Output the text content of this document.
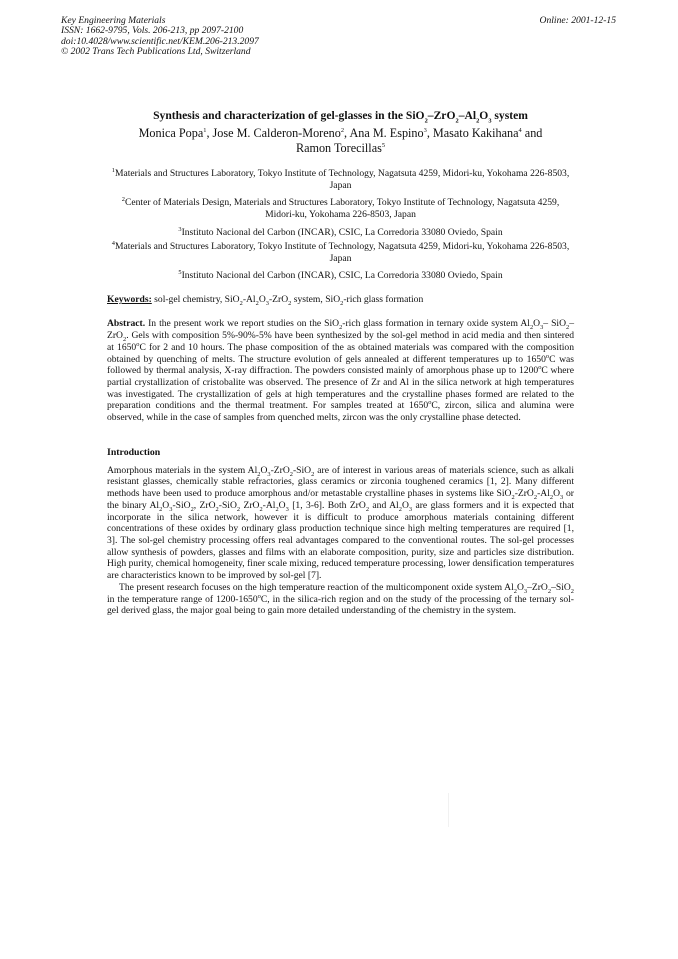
Key Engineering Materials
ISSN: 1662-9795, Vols. 206-213, pp 2097-2100
doi:10.4028/www.scientific.net/KEM.206-213.2097
© 2002 Trans Tech Publications Ltd, Switzerland
Online: 2001-12-15

Synthesis and characterization of gel-glasses in the $SiO_2-ZrO_2-Al_2O_3$ system

Monica Popa$^1$, Jose M. Calderon-Moreno$^2$, Ana M. Espino$^3$, Masato Kakihana$^4$ and
Ramon Torecillas$^5$

$^1$Materials and Structures Laboratory, Tokyo Institute of Technology, Nagatsuta 4259, Midori-ku, Yokohama 226-8503, Japan

$^2$Center of Materials Design, Materials and Structures Laboratory, Tokyo Institute of Technology, Nagatsuta 4259, Midori-ku, Yokohama 226-8503, Japan

$^3$Instituto Nacional del Carbon (INCAR), CSIC, La Corredoria 33080 Oviedo, Spain

$^4$Materials and Structures Laboratory, Tokyo Institute of Technology, Nagatsuta 4259, Midori-ku, Yokohama 226-8503, Japan

$^5$Instituto Nacional del Carbon (INCAR), CSIC, La Corredoria 33080 Oviedo, Spain

Keywords: sol-gel chemistry, $SiO_2-Al_2O_3-ZrO_2$ system, SiO$_2$-rich glass formation

Abstract. In the present work we report studies on the SiO$_2$-rich glass formation in ternary oxide system $Al_2O_3-$ SiO$_2$–ZrO$_2$. Gels with composition 5%-90%-5% have been synthesized by the sol-gel method in acid media and then sintered at 1650$^o$C for 2 and 10 hours. The phase composition of the as obtained materials was compared with the composition obtained by quenching of melts. The structure evolution of gels annealed at different temperatures up to 1650$^o$C was followed by thermal analysis, X-ray diffraction. The powders consisted mainly of amorphous phase up to 1200$^o$C where partial crystallization of cristobalite was observed. The presence of Zr and Al in the silica network at high temperatures was investigated. The crystallization of gels at high temperatures and the crystalline phases formed are related to the preparation conditions and the thermal treatment. For samples treated at 1650$^o$C, zircon, silica and alumina were observed, while in the case of samples from quenched melts, zircon was the only crystalline phase detected.

Introduction

Amorphous materials in the system $Al_2O_3-ZrO_2-SiO_2$ are of interest in various areas of materials science, such as alkali resistant glasses, chemically stable refractories, glass ceramics or zirconia toughened ceramics [1, 2]. Many different methods have been used to produce amorphous and/or metastable crystalline phases in systems like $SiO_2-ZrO_2-Al_2O_3$ or the binary $Al_2O_3-SiO_2$, ZrO$_2$-SiO$_2$ $ZrO_2-Al_2O_3$ [1, 3-6]. Both ZrO$_2$ and $Al_2O_3$ are glass formers and it is expected that incorporate in the silica network, however it is difficult to produce amorphous materials containing different concentrations of these oxides by ordinary glass production technique since high melting temperatures are required [1, 3]. The sol-gel chemistry processing offers real advantages compared to the conventional routes. The sol-gel processes allow synthesis of powders, glasses and films with an elaborate composition, purity, size and particles size distribution. High purity, chemical homogeneity, finer scale mixing, reduced temperature processing, lower densification temperatures are characteristics known to be improved by sol-gel [7].

The present research focuses on the high temperature reaction of the multicomponent oxide system $Al_2O_3-ZrO_2-SiO_2$ in the temperature range of 1200-1650$^o$C, in the silica-rich region and on the study of the processing of the ternary sol-gel derived glass, the major goal being to gain more detailed understanding of the chemistry in the system.
